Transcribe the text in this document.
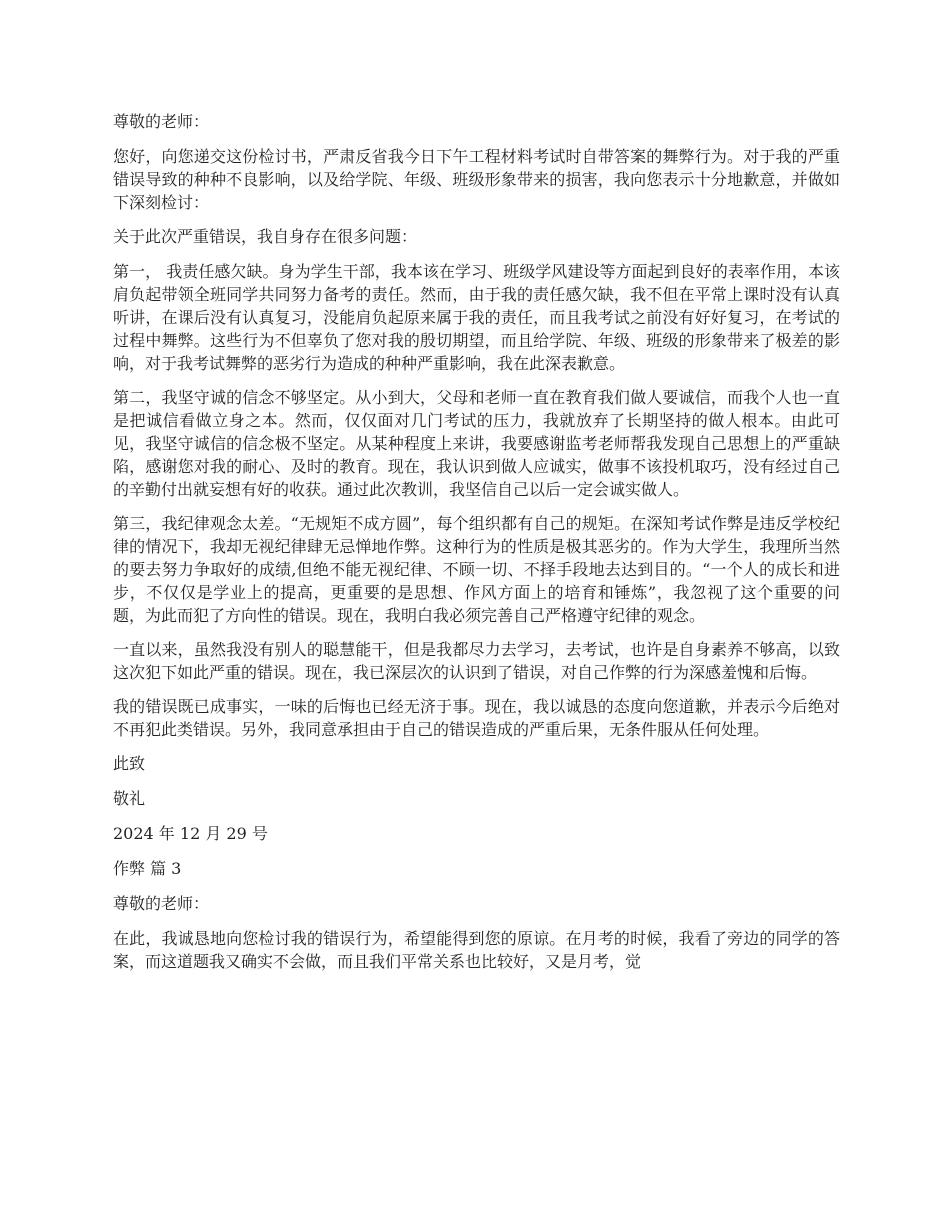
尊敬的老师：

您好，向您递交这份检讨书，严肃反省我今日下午工程材料考试时自带答案的舞弊行为。对于我的严重错误导致的种种不良影响，以及给学院、年级、班级形象带来的损害，我向您表示十分地歉意，并做如下深刻检讨：

关于此次严重错误，我自身存在很多问题：

第一， 我责任感欠缺。身为学生干部，我本该在学习、班级学风建设等方面起到良好的表率作用，本该肩负起带领全班同学共同努力备考的责任。然而，由于我的责任感欠缺，我不但在平常上课时没有认真听讲，在课后没有认真复习，没能肩负起原来属于我的责任，而且我考试之前没有好好复习，在考试的过程中舞弊。这些行为不但辜负了您对我的殷切期望，而且给学院、年级、班级的形象带来了极差的影响，对于我考试舞弊的恶劣行为造成的种种严重影响，我在此深表歉意。

第二，我坚守诚的信念不够坚定。从小到大，父母和老师一直在教育我们做人要诚信，而我个人也一直是把诚信看做立身之本。然而，仅仅面对几门考试的压力，我就放弃了长期坚持的做人根本。由此可见，我坚守诚信的信念极不坚定。从某种程度上来讲，我要感谢监考老师帮我发现自己思想上的严重缺陷，感谢您对我的耐心、及时的教育。现在，我认识到做人应诚实，做事不该投机取巧，没有经过自己的辛勤付出就妄想有好的收获。通过此次教训，我坚信自己以后一定会诚实做人。

第三，我纪律观念太差。“无规矩不成方圆”，每个组织都有自己的规矩。在深知考试作弊是违反学校纪律的情况下，我却无视纪律肆无忌惮地作弊。这种行为的性质是极其恶劣的。作为大学生，我理所当然的要去努力争取好的成绩,但绝不能无视纪律、不顾一切、不择手段地去达到目的。“一个人的成长和进步，不仅仅是学业上的提高，更重要的是思想、作风方面上的培育和锤炼”，我忽视了这个重要的问题，为此而犯了方向性的错误。现在，我明白我必须完善自己严格遵守纪律的观念。

一直以来，虽然我没有别人的聪慧能干，但是我都尽力去学习，去考试，也许是自身素养不够高，以致这次犯下如此严重的错误。现在，我已深层次的认识到了错误，对自己作弊的行为深感羞愧和后悔。

我的错误既已成事实，一味的后悔也已经无济于事。现在，我以诚恳的态度向您道歉，并表示今后绝对不再犯此类错误。另外，我同意承担由于自己的错误造成的严重后果，无条件服从任何处理。

此致

敬礼

2024 年 12 月 29 号

作弊 篇 3

尊敬的老师：

在此，我诚恳地向您检讨我的错误行为，希望能得到您的原谅。在月考的时候，我看了旁边的同学的答案，而这道题我又确实不会做，而且我们平常关系也比较好，又是月考，觉
